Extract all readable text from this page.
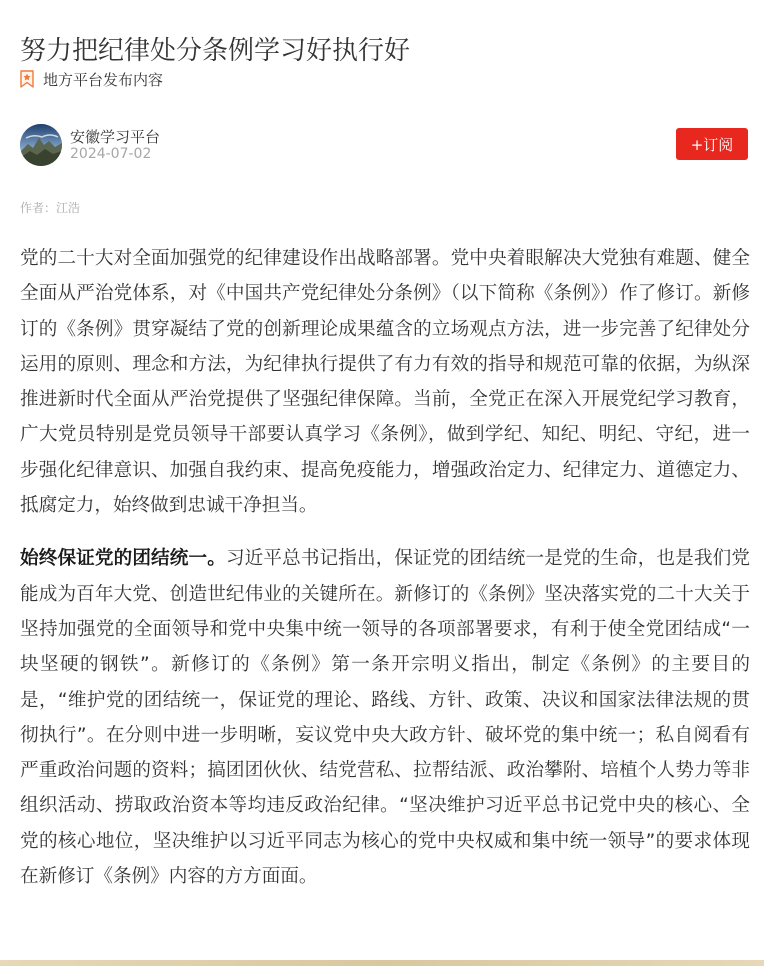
努力把纪律处分条例学习好执行好
地方平台发布内容
安徽学习平台
2024-07-02
+订阅
作者：江浩

党的二十大对全面加强党的纪律建设作出战略部署。党中央着眼解决大党独有难题、健全全面从严治党体系，对《中国共产党纪律处分条例》（以下简称《条例》）作了修订。新修订的《条例》贯穿凝结了党的创新理论成果蕴含的立场观点方法，进一步完善了纪律处分运用的原则、理念和方法，为纪律执行提供了有力有效的指导和规范可靠的依据，为纵深推进新时代全面从严治党提供了坚强纪律保障。当前，全党正在深入开展党纪学习教育，广大党员特别是党员领导干部要认真学习《条例》，做到学纪、知纪、明纪、守纪，进一步强化纪律意识、加强自我约束、提高免疫能力，增强政治定力、纪律定力、道德定力、抵腐定力，始终做到忠诚干净担当。

始终保证党的团结统一。习近平总书记指出，保证党的团结统一是党的生命，也是我们党能成为百年大党、创造世纪伟业的关键所在。新修订的《条例》坚决落实党的二十大关于坚持加强党的全面领导和党中央集中统一领导的各项部署要求，有利于使全党团结成“一块坚硬的钢铁”。新修订的《条例》第一条开宗明义指出，制定《条例》的主要目的是，“维护党的团结统一，保证党的理论、路线、方针、政策、决议和国家法律法规的贯彻执行”。在分则中进一步明晰，妄议党中央大政方针、破坏党的集中统一；私自阅看有严重政治问题的资料；搞团团伙伙、结党营私、拉帮结派、政治攀附、培植个人势力等非组织活动、捞取政治资本等均违反政治纪律。“坚决维护习近平总书记党中央的核心、全党的核心地位，坚决维护以习近平同志为核心的党中央权威和集中统一领导”的要求体现在新修订《条例》内容的方方面面。
